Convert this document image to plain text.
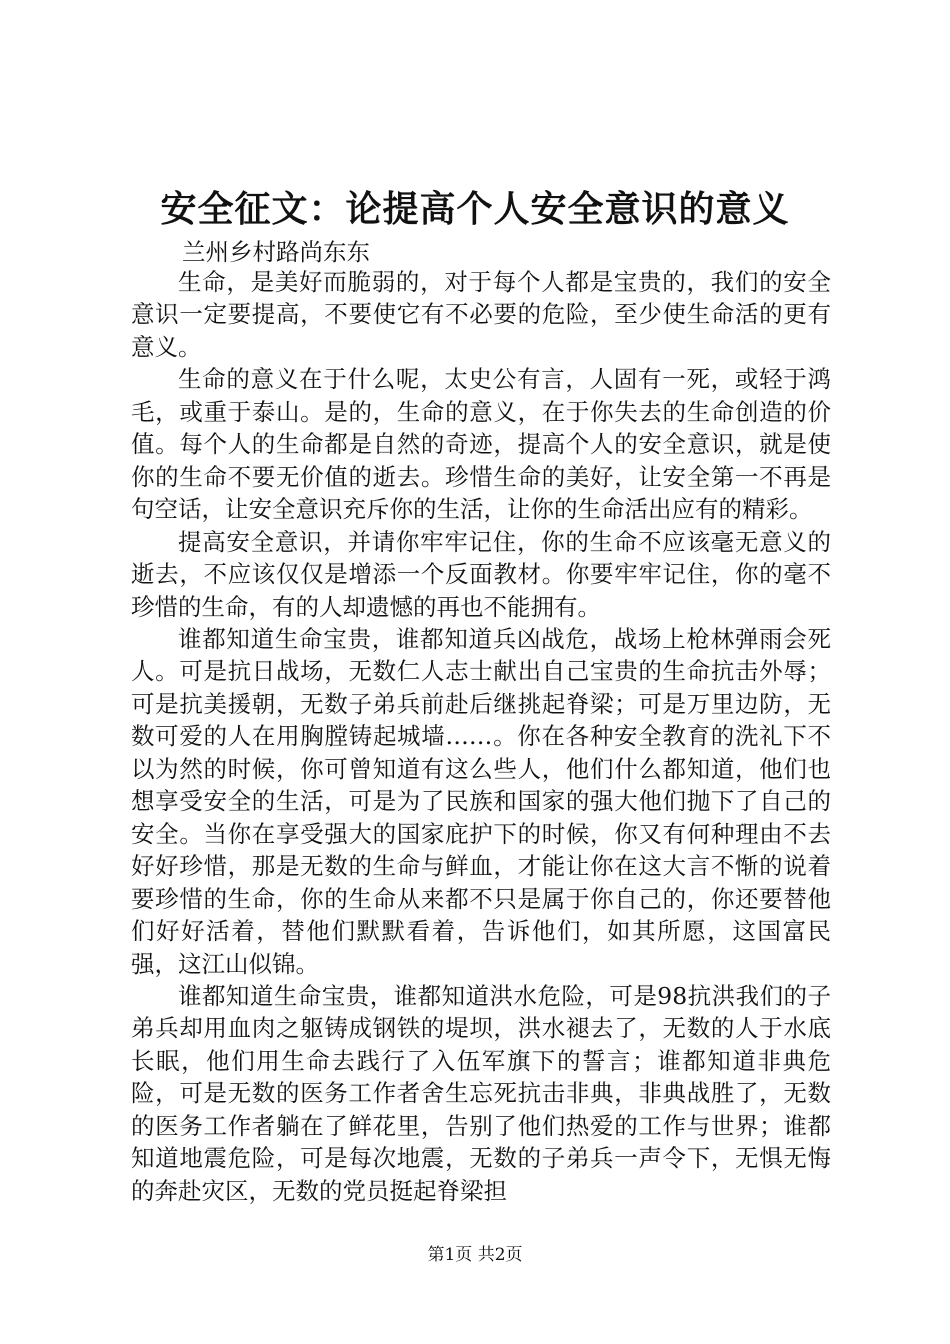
安全征文：论提高个人安全意识的意义
兰州乡村路尚东东

生命，是美好而脆弱的，对于每个人都是宝贵的，我们的安全意识一定要提高，不要使它有不必要的危险，至少使生命活的更有意义。

生命的意义在于什么呢，太史公有言，人固有一死，或轻于鸿毛，或重于泰山。是的，生命的意义，在于你失去的生命创造的价值。每个人的生命都是自然的奇迹，提高个人的安全意识，就是使你的生命不要无价值的逝去。珍惜生命的美好，让安全第一不再是句空话，让安全意识充斥你的生活，让你的生命活出应有的精彩。

提高安全意识，并请你牢牢记住，你的生命不应该毫无意义的逝去，不应该仅仅是增添一个反面教材。你要牢牢记住，你的毫不珍惜的生命，有的人却遗憾的再也不能拥有。

谁都知道生命宝贵，谁都知道兵凶战危，战场上枪林弹雨会死人。可是抗日战场，无数仁人志士献出自己宝贵的生命抗击外辱；可是抗美援朝，无数子弟兵前赴后继挑起脊梁；可是万里边防，无数可爱的人在用胸膛铸起城墙……。你在各种安全教育的洗礼下不以为然的时候，你可曾知道有这么些人，他们什么都知道，他们也想享受安全的生活，可是为了民族和国家的强大他们抛下了自己的安全。当你在享受强大的国家庇护下的时候，你又有何种理由不去好好珍惜，那是无数的生命与鲜血，才能让你在这大言不惭的说着要珍惜的生命，你的生命从来都不只是属于你自己的，你还要替他们好好活着，替他们默默看着，告诉他们，如其所愿，这国富民强，这江山似锦。

谁都知道生命宝贵，谁都知道洪水危险，可是98抗洪我们的子弟兵却用血肉之躯铸成钢铁的堤坝，洪水褪去了，无数的人于水底长眠，他们用生命去践行了入伍军旗下的誓言；谁都知道非典危险，可是无数的医务工作者舍生忘死抗击非典，非典战胜了，无数的医务工作者躺在了鲜花里，告别了他们热爱的工作与世界；谁都知道地震危险，可是每次地震，无数的子弟兵一声令下，无惧无悔的奔赴灾区，无数的党员挺起脊梁担

第1页 共2页
